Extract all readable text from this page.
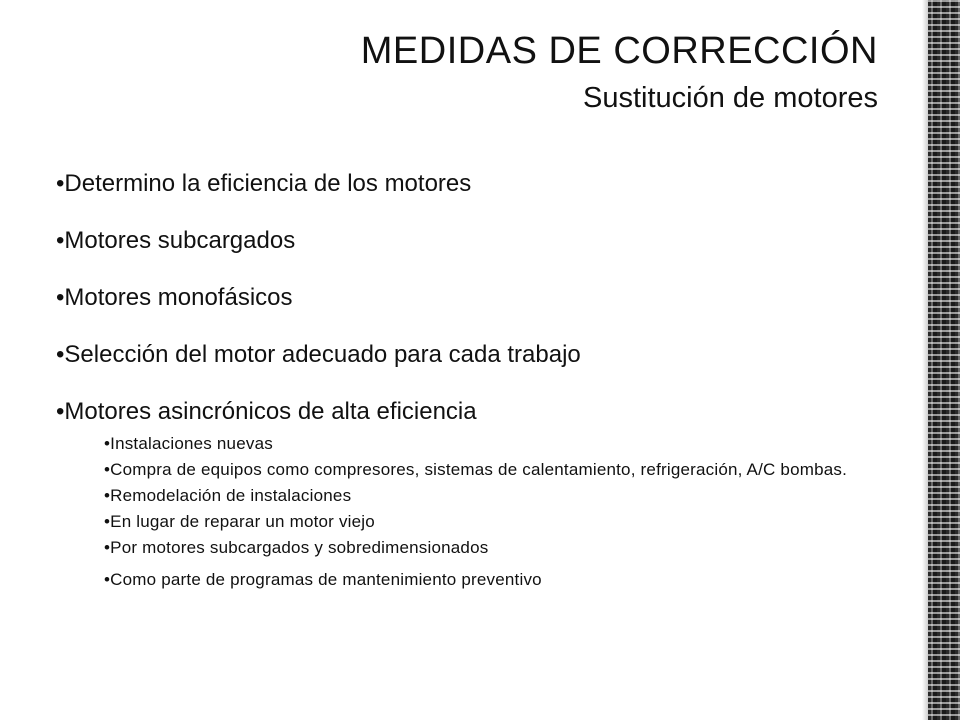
MEDIDAS DE CORRECCIÓN
Sustitución de motores
•Determino la eficiencia de los motores
•Motores subcargados
•Motores monofásicos
•Selección del motor adecuado para cada trabajo
•Motores asincrónicos de alta eficiencia
•Instalaciones nuevas
•Compra de equipos como compresores, sistemas de calentamiento, refrigeración, A/C bombas.
•Remodelación de instalaciones
•En lugar de reparar un motor viejo
•Por motores subcargados y sobredimensionados
•Como parte de programas de mantenimiento preventivo
